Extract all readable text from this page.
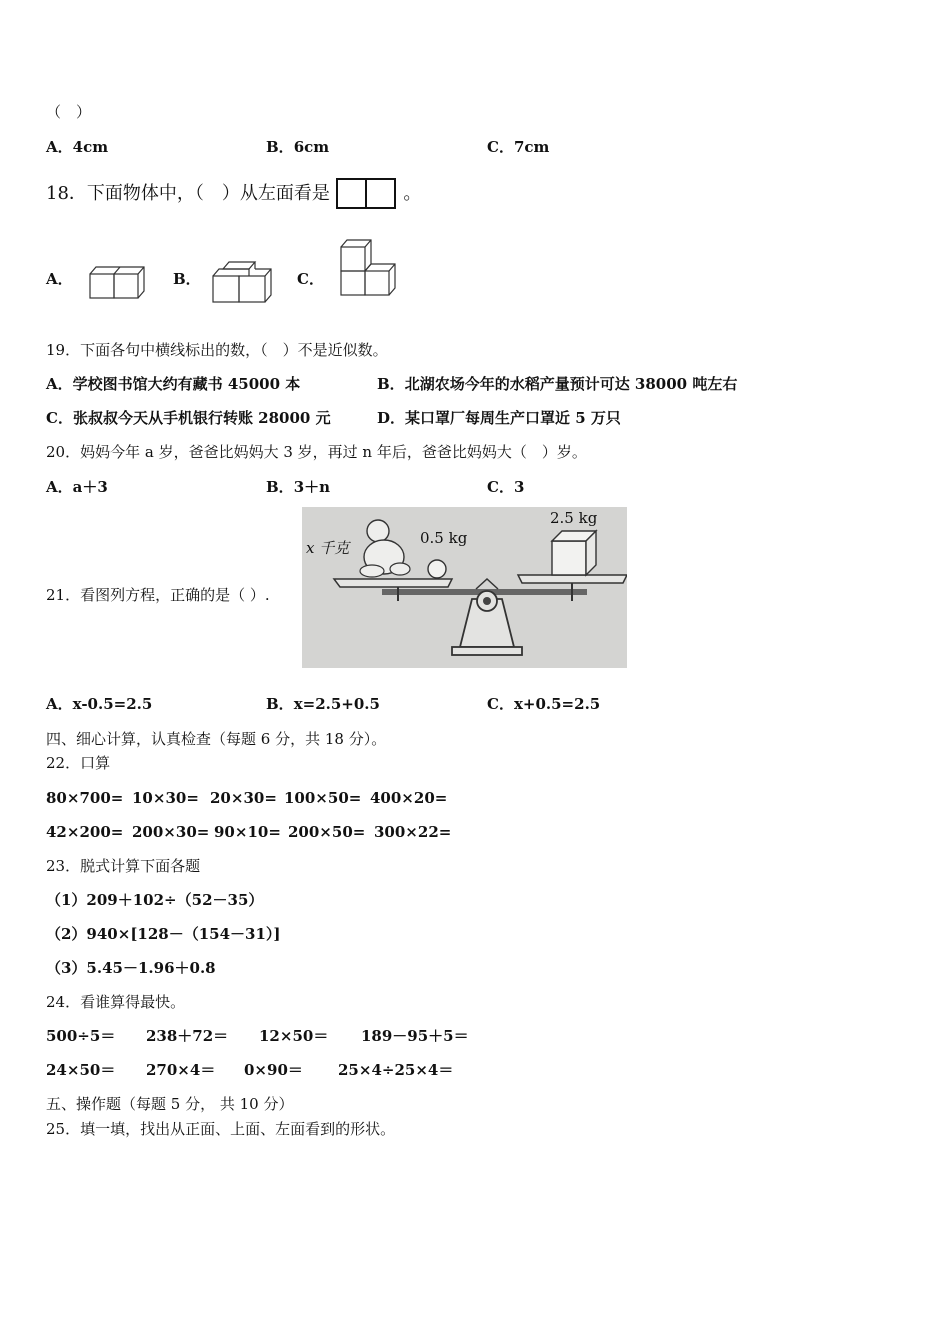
（　）
A．4cm	B．6cm	C．7cm
18．下面物体中，（　）从左面看是	。
A．	B．	C．
19．下面各句中横线标出的数，（　）不是近似数。
A．学校图书馆大约有藏书 45000 本	B．北湖农场今年的水稻产量预计可达 38000 吨左右
C．张叔叔今天从手机银行转账 28000 元	D．某口罩厂每周生产口罩近 5 万只
20．妈妈今年 a 岁，爸爸比妈妈大 3 岁，再过 n 年后，爸爸比妈妈大（　）岁。
A．a＋3	B．3＋n	C．3
21．看图列方程，正确的是（ ）.
x 千克
0.5 kg
2.5 kg
A．x-0.5=2.5	B．x=2.5+0.5	C．x+0.5=2.5
四、细心计算，认真检查（每题 6 分，共 18 分）。
22．口算
80×700= 10×30= 20×30= 100×50= 400×20=
42×200= 200×30= 90×10= 200×50= 300×22=
23．脱式计算下面各题
（1）209＋102÷（52－35）
（2）940×[128－（154－31）]
（3）5.45－1.96＋0.8
24．看谁算得最快。
500÷5＝ 238＋72＝ 12×50＝ 189－95＋5＝
24×50＝ 270×4＝ 0×90＝ 25×4÷25×4＝
五、操作题（每题 5 分， 共 10 分）
25．填一填，找出从正面、上面、左面看到的形状。
